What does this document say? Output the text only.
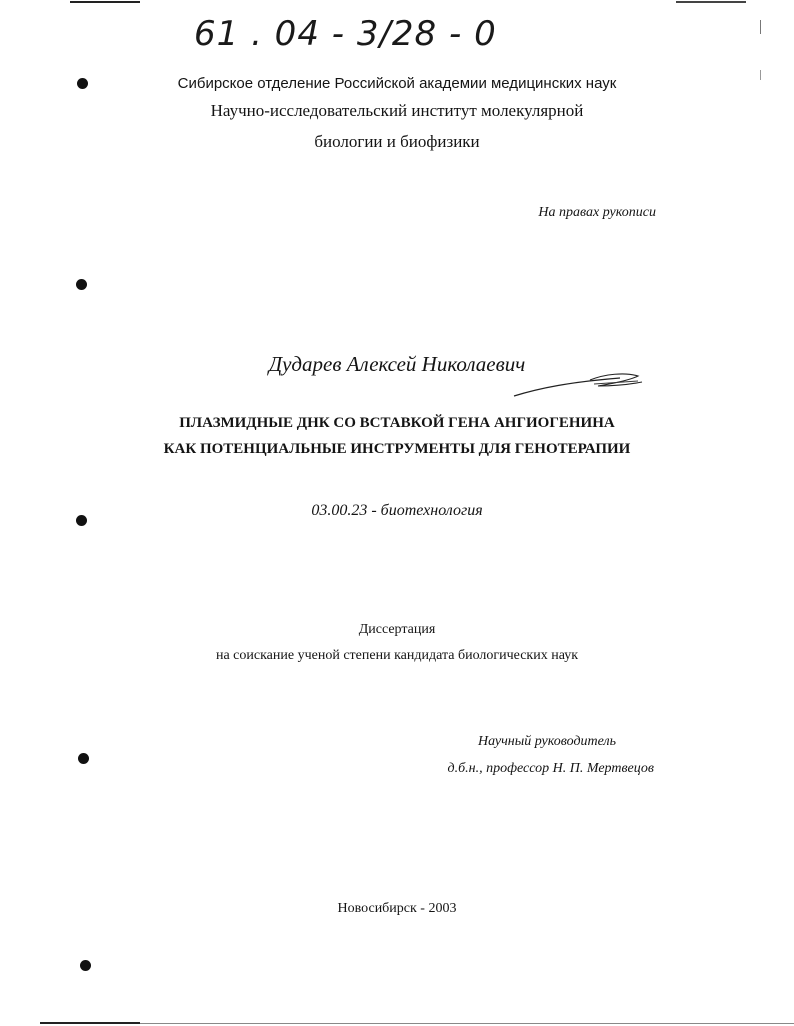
61 . 04 - 3/28 - 0
Сибирское отделение Российской академии медицинских наук
Научно-исследовательский институт молекулярной
биологии и биофизики
На правах рукописи
Дударев Алексей Николаевич
ПЛАЗМИДНЫЕ ДНК СО ВСТАВКОЙ ГЕНА АНГИОГЕНИНА
КАК ПОТЕНЦИАЛЬНЫЕ ИНСТРУМЕНТЫ ДЛЯ ГЕНОТЕРАПИИ
03.00.23 - биотехнология
Диссертация
на соискание ученой степени кандидата биологических наук
Научный руководитель
д.б.н., профессор Н. П. Мертвецов
Новосибирск - 2003
